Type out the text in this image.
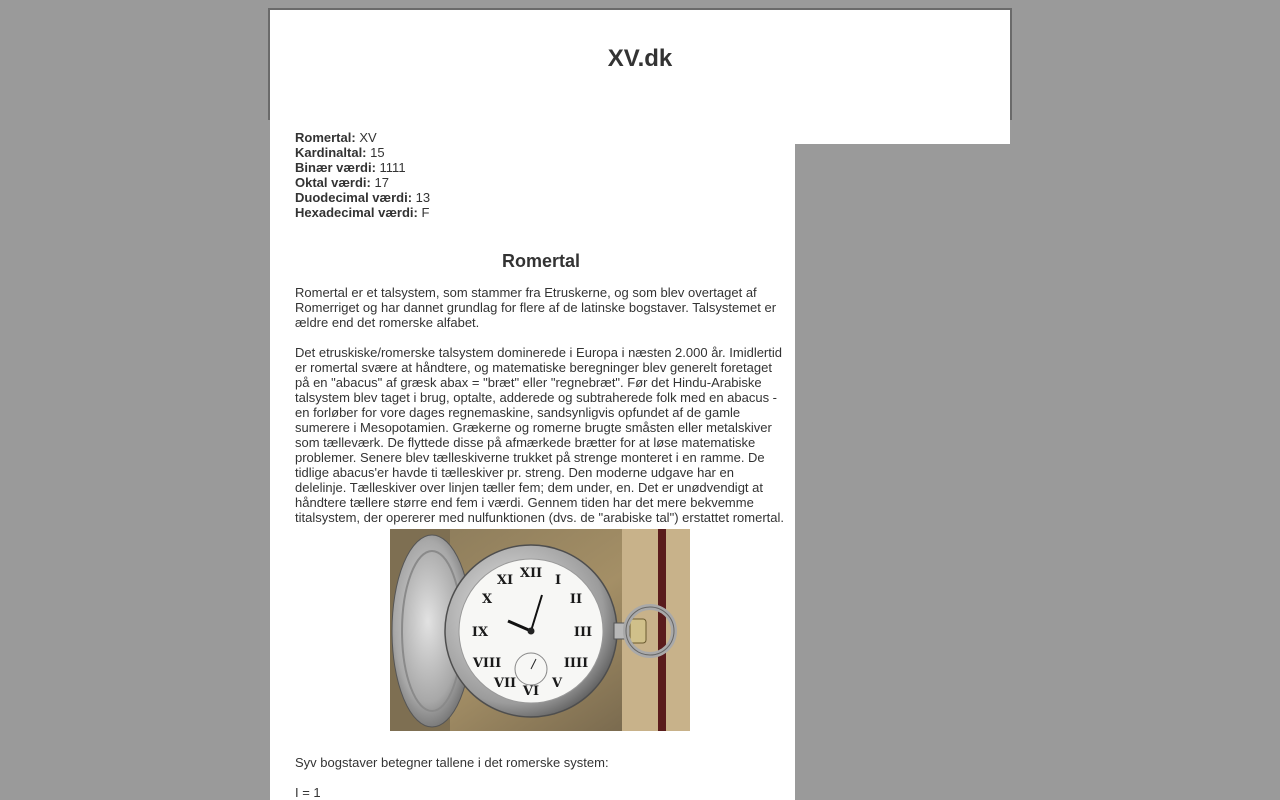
XV.dk
Romertal: XV
Kardinaltal: 15
Binær værdi: 1111
Oktal værdi: 17
Duodecimal værdi: 13
Hexadecimal værdi: F
Romertal

Romertal er et talsystem, som stammer fra Etruskerne, og som blev overtaget af Romerriget og har dannet grundlag for flere af de latinske bogstaver. Talsystemet er ældre end det romerske alfabet.

Det etruskiske/romerske talsystem dominerede i Europa i næsten 2.000 år. Imidlertid er romertal svære at håndtere, og matematiske beregninger blev generelt foretaget på en "abacus" af græsk abax = "bræt" eller "regnebræt". Før det Hindu-Arabiske talsystem blev taget i brug, optalte, adderede og subtraherede folk med en abacus - en forløber for vore dages regnemaskine, sandsynligvis opfundet af de gamle sumerere i Mesopotamien. Grækerne og romerne brugte småsten eller metalskiver som tælleværk. De flyttede disse på afmærkede brætter for at løse matematiske problemer. Senere blev tælleskiverne trukket på strenge monteret i en ramme. De tidlige abacus'er havde ti tælleskiver pr. streng. Den moderne udgave har en delelinje. Tælleskiver over linjen tæller fem; dem under, en. Det er unødvendigt at håndtere tællere større end fem i værdi. Gennem tiden har det mere bekvemme titalsystem, der opererer med nulfunktionen (dvs. de "arabiske tal") erstattet romertal.

XII I
II
III
IIII
V
VI
VII
VIII
IX
X
XI

Syv bogstaver betegner tallene i det romerske system:

I = 1
